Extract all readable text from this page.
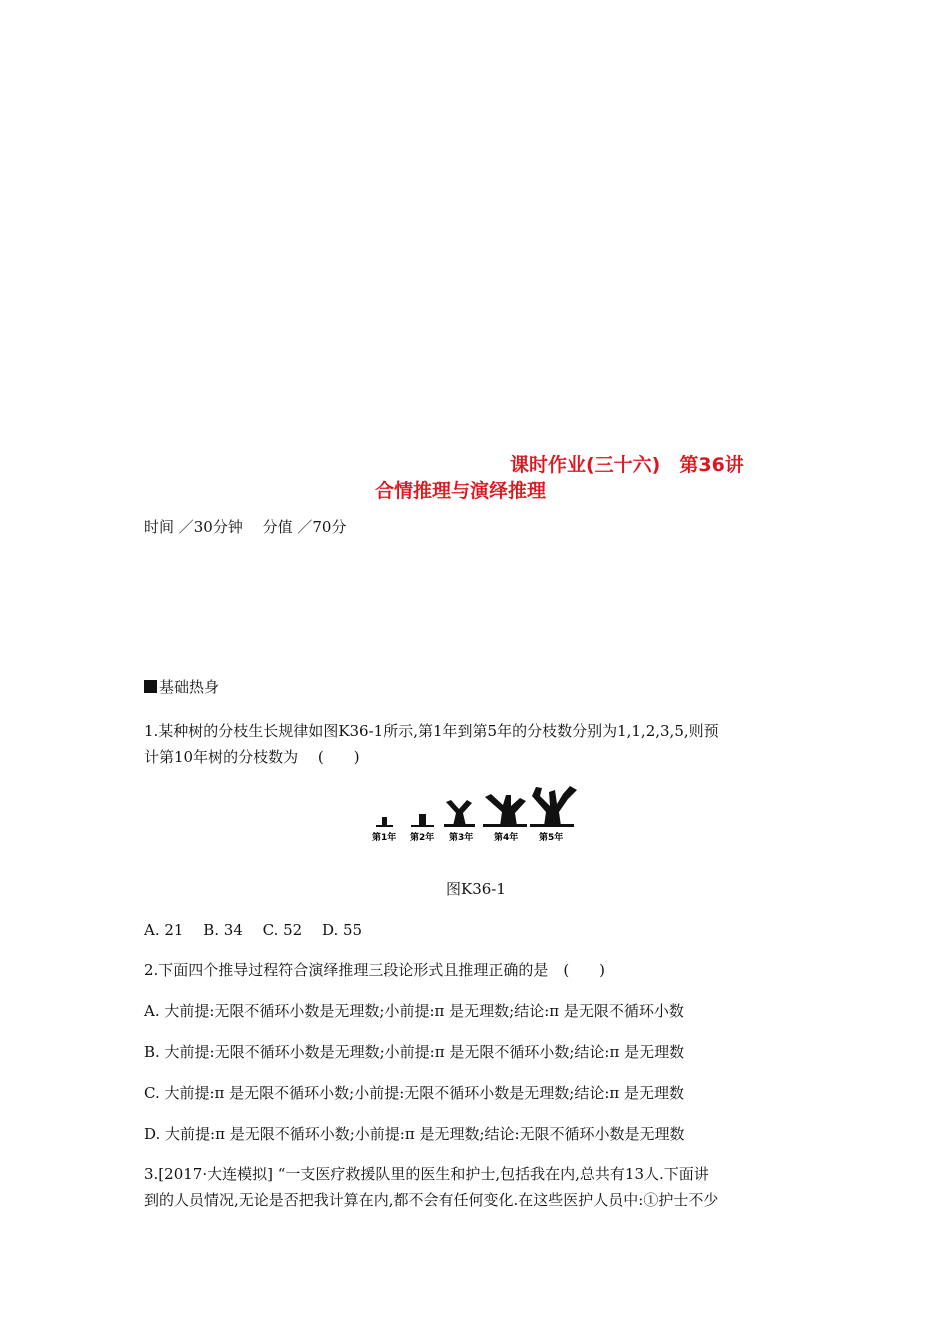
课时作业(三十六)　第36讲
合情推理与演绎推理
时间 ／30分钟　 分值 ／70分
基础热身
1.某种树的分枝生长规律如图K36-1所示,第1年到第5年的分枝数分别为1,1,2,3,5,则预
计第10年树的分枝数为　 (　　)
第1年 第2年 第3年 第4年 第5年
图K36-1
A. 21　 B. 34　 C. 52　 D. 55
2.下面四个推导过程符合演绎推理三段论形式且推理正确的是　(　　)
A. 大前提:无限不循环小数是无理数;小前提:π 是无理数;结论:π 是无限不循环小数
B. 大前提:无限不循环小数是无理数;小前提:π 是无限不循环小数;结论:π 是无理数
C. 大前提:π 是无限不循环小数;小前提:无限不循环小数是无理数;结论:π 是无理数
D. 大前提:π 是无限不循环小数;小前提:π 是无理数;结论:无限不循环小数是无理数
3.[2017·大连模拟] “一支医疗救援队里的医生和护士,包括我在内,总共有13人.下面讲
到的人员情况,无论是否把我计算在内,都不会有任何变化.在这些医护人员中:①护士不少
